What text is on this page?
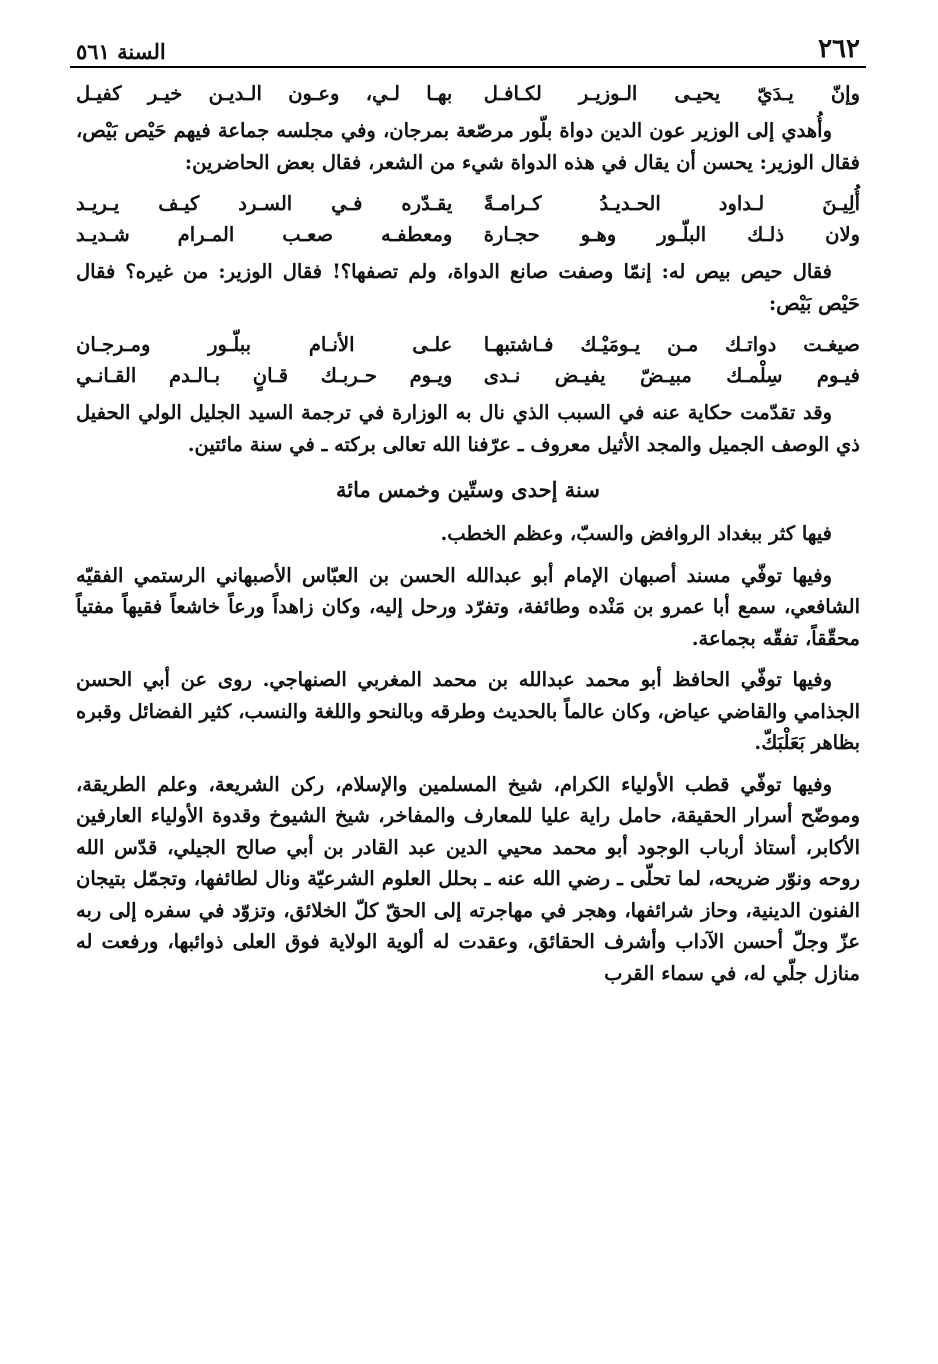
٢٦٢
السنة ٥٦١
وإنّ يـدَيّ يحيـى الـوزيـر لكـافـل
بهـا لـي، وعـون الـديـن خيـر كفيـل

وأُهدي إلى الوزير عون الدين دواة بلّور مرصّعة بمرجان، وفي مجلسه جماعة فيهم حَيْص بَيْص، فقال الوزير: يحسن أن يقال في هذه الدواة شيء من الشعر، فقال بعض الحاضرين:

أُلِيـنَ لـداود الحـديـدُ كـرامـةً
يقـدّره فـي السـرد كيـف يـريـد
ولان ذلـك البلّـور وهـو حجـارة
ومعطفـه صعـب المـرام شـديـد

فقال حيص بيص له: إنمّا وصفت صانع الدواة، ولم تصفها؟! فقال الوزير: من غيره؟ فقال حَيْص بَيْص:

صيغـت دواتـك مـن يـومَيْـك فـاشتبهـا
علـى الأنـام ببلّـور ومـرجـان
فيـوم سِلْمـك مبيـضّ يفيـض نـدى
ويـوم حـربـك قـانٍ بـالـدم القـانـي

وقد تقدّمت حكاية عنه في السبب الذي نال به الوزارة في ترجمة السيد الجليل الولي الحفيل ذي الوصف الجميل والمجد الأثيل معروف ـ عرّفنا الله تعالى بركته ـ في سنة مائتين.

سنة إحدى وستّين وخمس مائة

فيها كثر ببغداد الروافض والسبّ، وعظم الخطب.

وفيها توفّي مسند أصبهان الإمام أبو عبدالله الحسن بن العبّاس الأصبهاني الرستمي الفقيّه الشافعي، سمع أبا عمرو بن مَنْده وطائفة، وتفرّد ورحل إليه، وكان زاهداً ورعاً خاشعاً فقيهاً مفتياً محقّقاً، تفقّه بجماعة.

وفيها توفّي الحافظ أبو محمد عبدالله بن محمد المغربي الصنهاجي. روى عن أبي الحسن الجذامي والقاضي عياض، وكان عالماً بالحديث وطرقه وبالنحو واللغة والنسب، كثير الفضائل وقبره بظاهر بَعَلْبَكّ.

وفيها توفّي قطب الأولياء الكرام، شيخ المسلمين والإسلام، ركن الشريعة، وعلم الطريقة، وموضّح أسرار الحقيقة، حامل راية عليا للمعارف والمفاخر، شيخ الشيوخ وقدوة الأولياء العارفين الأكابر، أستاذ أرباب الوجود أبو محمد محيي الدين عبد القادر بن أبي صالح الجيلي، قدّس الله روحه ونوّر ضريحه، لما تحلّى ـ رضي الله عنه ـ بحلل العلوم الشرعيّة ونال لطائفها، وتجمّل بتيجان الفنون الدينية، وحاز شرائفها، وهجر في مهاجرته إلى الحقّ كلّ الخلائق، وتزوّد في سفره إلى ربه عزّ وجلّ أحسن الآداب وأشرف الحقائق، وعقدت له ألوية الولاية فوق العلى ذوائبها، ورفعت له منازل جلّي له، في سماء القرب
